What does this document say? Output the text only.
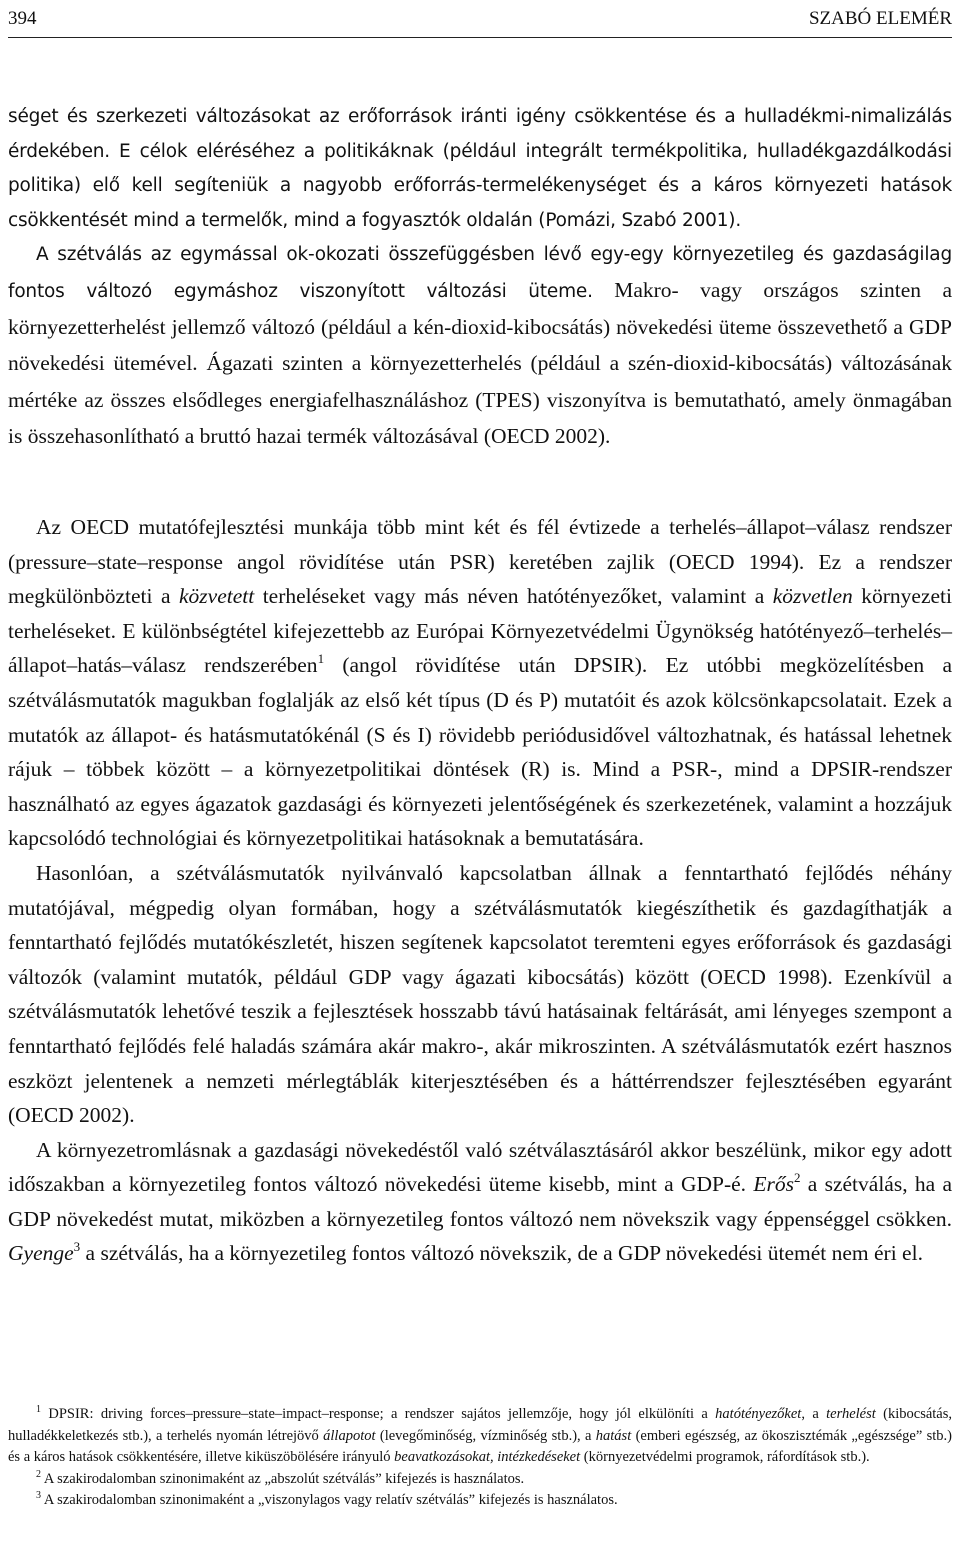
394	SZABÓ ELEMÉR

séget és szerkezeti változásokat az erőforrások iránti igény csökkentése és a hulladékmi-nimalizálás érdekében. E célok eléréséhez a politikáknak (például integrált termékpolitika, hulladékgazdálkodási politika) elő kell segíteniük a nagyobb erőforrás-termelékenységet és a káros környezeti hatások csökkentését mind a termelők, mind a fogyasztók oldalán (Pomázi, Szabó 2001).

A szétválás az egymással ok-okozati összefüggésben lévő egy-egy környezetileg és gazdaságilag fontos változó egymáshoz viszonyított változási üteme. Makro- vagy országos szinten a környezetterhelést jellemző változó (például a kén-dioxid-kibocsátás) növekedési üteme összevethető a GDP növekedési ütemével. Ágazati szinten a környezetterhelés (például a szén-dioxid-kibocsátás) változásának mértéke az összes elsődleges energiafelhasználáshoz (TPES) viszonyítva is bemutatható, amely önmagában is összehasonlítható a bruttó hazai termék változásával (OECD 2002).

Az OECD mutatófejlesztési munkája több mint két és fél évtizede a terhelés–állapot–válasz rendszer (pressure–state–response angol rövidítése után PSR) keretében zajlik (OECD 1994). Ez a rendszer megkülönbözteti a közvetett terheléseket vagy más néven hatótényezőket, valamint a közvetlen környezeti terheléseket. E különbségtétel kifejezettebb az Európai Környezetvédelmi Ügynökség hatótényező–terhelés–állapot–hatás–válasz rendszerében$^1$ (angol rövidítése után DPSIR). Ez utóbbi megközelítésben a szétválásmutatók magukban foglalják az első két típus (D és P) mutatóit és azok kölcsönkapcsolatait. Ezek a mutatók az állapot- és hatásmutatókénál (S és I) rövidebb periódusidővel változhatnak, és hatással lehetnek rájuk – többek között – a környezetpolitikai döntések (R) is. Mind a PSR-, mind a DPSIR-rendszer használható az egyes ágazatok gazdasági és környezeti jelentőségének és szerkezetének, valamint a hozzájuk kapcsolódó technológiai és környezetpolitikai hatásoknak a bemutatására.

Hasonlóan, a szétválásmutatók nyilvánvaló kapcsolatban állnak a fenntartható fejlődés néhány mutatójával, mégpedig olyan formában, hogy a szétválásmutatók kiegészíthetik és gazdagíthatják a fenntartható fejlődés mutatókészletét, hiszen segítenek kapcsolatot teremteni egyes erőforrások és gazdasági változók (valamint mutatók, például GDP vagy ágazati kibocsátás) között (OECD 1998). Ezenkívül a szétválásmutatók lehetővé teszik a fejlesztések hosszabb távú hatásainak feltárását, ami lényeges szempont a fenntartható fejlődés felé haladás számára akár makro-, akár mikroszinten. A szétválásmutatók ezért hasznos eszközt jelentenek a nemzeti mérlegtáblák kiterjesztésében és a háttérrendszer fejlesztésében egyaránt (OECD 2002).

A környezetromlásnak a gazdasági növekedéstől való szétválasztásáról akkor beszélünk, mikor egy adott időszakban a környezetileg fontos változó növekedési üteme kisebb, mint a GDP-é. Erős$^2$ a szétválás, ha a GDP növekedést mutat, miközben a környezetileg fontos változó nem növekszik vagy éppenséggel csökken. Gyenge$^3$ a szétválás, ha a környezetileg fontos változó növekszik, de a GDP növekedési ütemét nem éri el.

$^1$ DPSIR: driving forces–pressure–state–impact–response; a rendszer sajátos jellemzője, hogy jól elkülöníti a hatótényezőket, a terhelést (kibocsátás, hulladékkeletkezés stb.), a terhelés nyomán létrejövő állapotot (levegőminőség, vízminőség stb.), a hatást (emberi egészség, az ökoszisztémák „egészsége” stb.) és a káros hatások csökkentésére, illetve kiküszöbölésére irányuló beavatkozásokat, intézkedéseket (környezetvédelmi programok, ráfordítások stb.).

$^2$ A szakirodalomban szinonimaként az „abszolút szétválás” kifejezés is használatos.

$^3$ A szakirodalomban szinonimaként a „viszonylagos vagy relatív szétválás” kifejezés is használatos.
